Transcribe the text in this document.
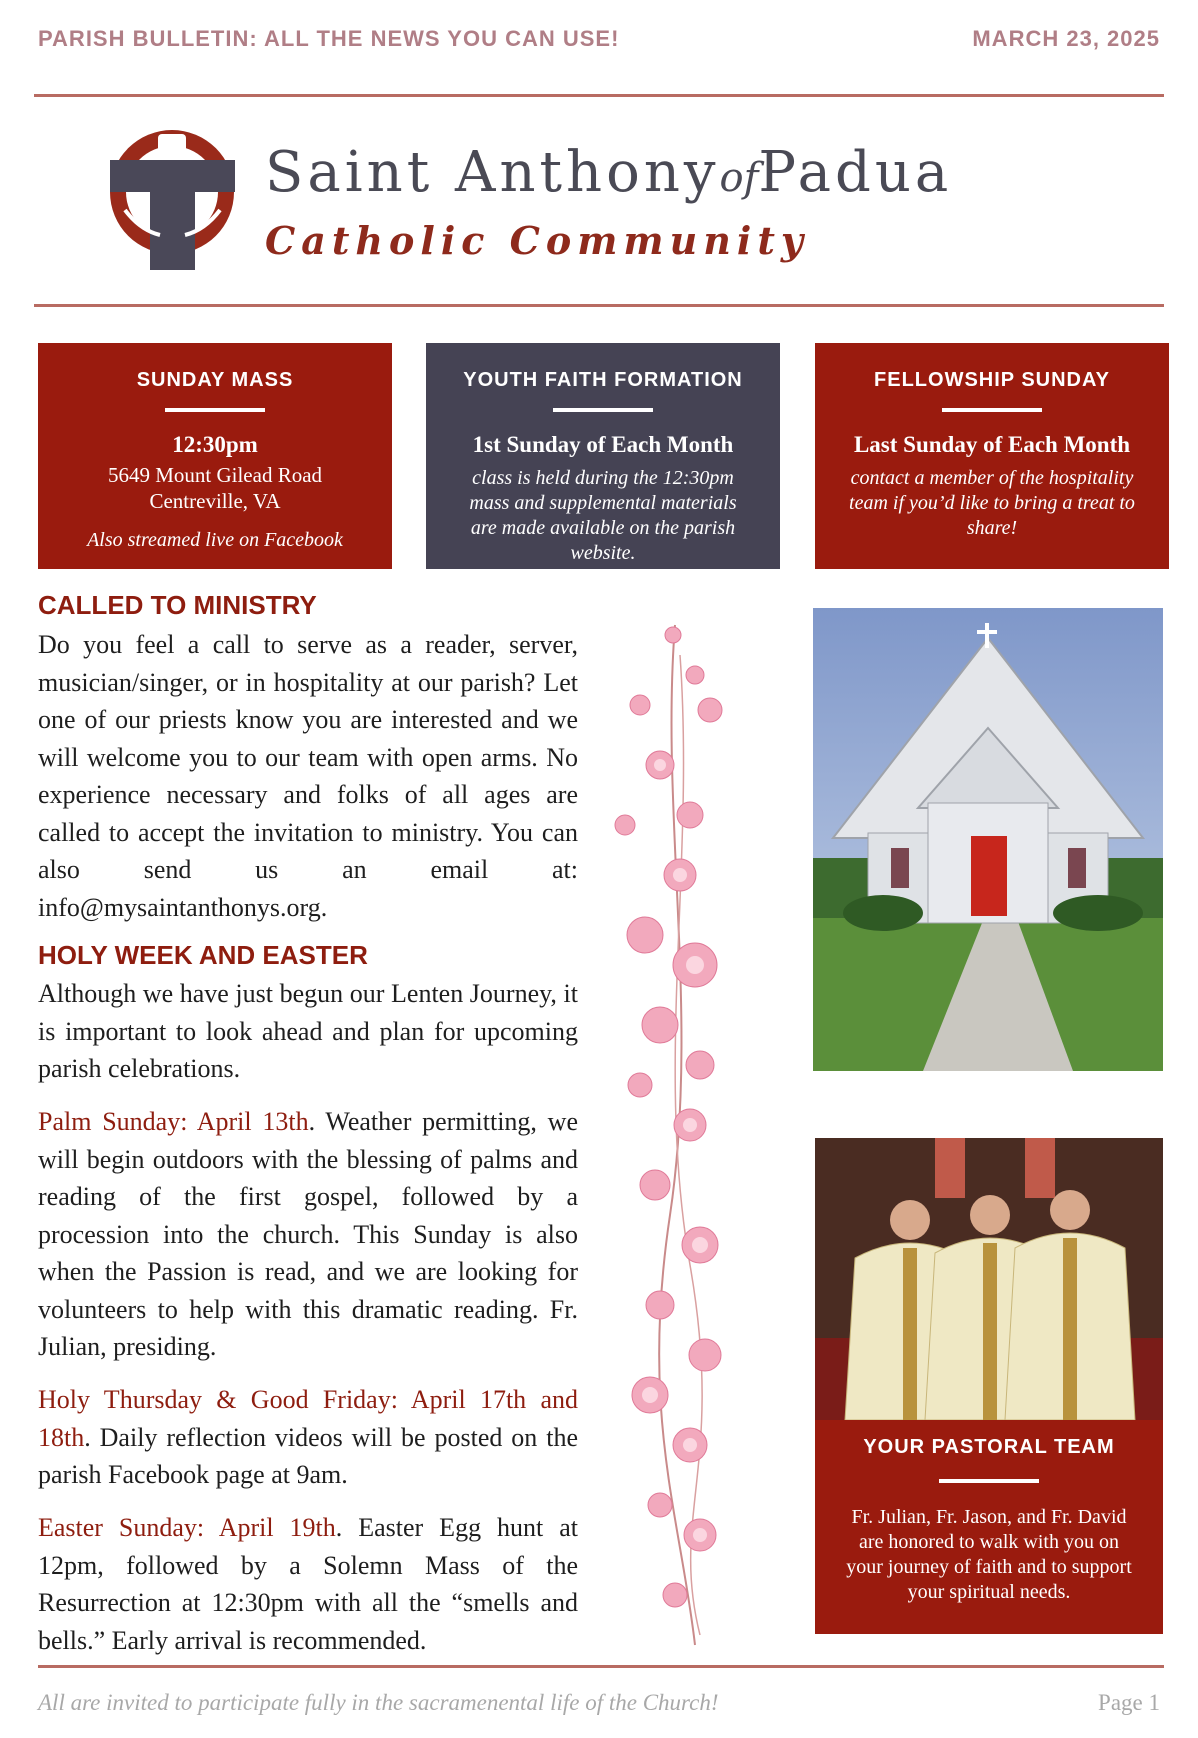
PARISH BULLETIN: ALL THE NEWS YOU CAN USE!	MARCH 23, 2025
Saint AnthonyofPadua
Catholic Community
SUNDAY MASS
12:30pm
5649 Mount Gilead Road
Centreville, VA
Also streamed live on Facebook
YOUTH FAITH FORMATION
1st Sunday of Each Month
class is held during the 12:30pm mass and supplemental materials are made available on the parish website.
FELLOWSHIP SUNDAY
Last Sunday of Each Month
contact a member of the hospitality team if you’d like to bring a treat to share!
CALLED TO MINISTRY
Do you feel a call to serve as a reader, server, musician/singer, or in hospitality at our parish? Let one of our priests know you are interested and we will welcome you to our team with open arms. No experience necessary and folks of all ages are called to accept the invitation to ministry. You can also send us an email at: info@mysaintanthonys.org.
HOLY WEEK AND EASTER
Although we have just begun our Lenten Journey, it is important to look ahead and plan for upcoming parish celebrations.
Palm Sunday: April 13th. Weather permitting, we will begin outdoors with the blessing of palms and reading of the first gospel, followed by a procession into the church. This Sunday is also when the Passion is read, and we are looking for volunteers to help with this dramatic reading. Fr. Julian, presiding.
Holy Thursday & Good Friday: April 17th and 18th. Daily reflection videos will be posted on the parish Facebook page at 9am.
Easter Sunday: April 19th. Easter Egg hunt at 12pm, followed by a Solemn Mass of the Resurrection at 12:30pm with all the “smells and bells.” Early arrival is recommended.
YOUR PASTORAL TEAM
Fr. Julian, Fr. Jason, and Fr. David are honored to walk with you on your journey of faith and to support your spiritual needs.
All are invited to participate fully in the sacramenental life of the Church!	Page 1
